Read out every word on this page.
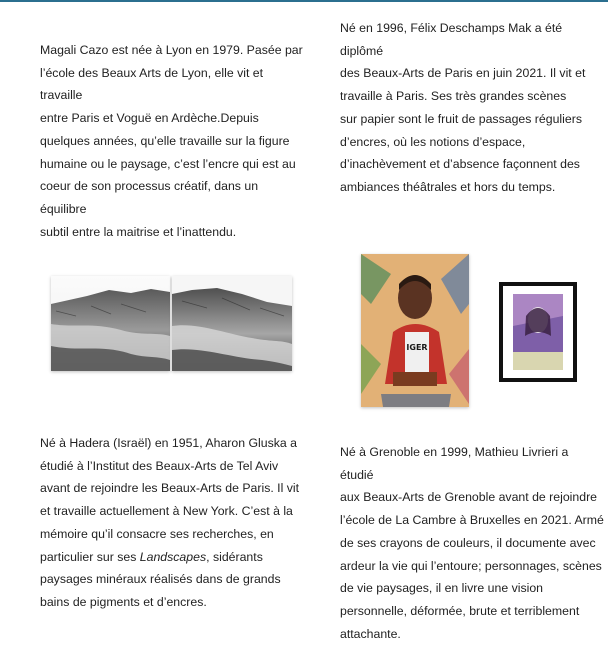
Magali Cazo est née à Lyon en 1979. Pasée par
l’école des Beaux Arts de Lyon, elle vit et travaille
entre Paris et Voguë en Ardèche.Depuis
quelques années, qu’elle travaille sur la figure
humaine ou le paysage, c’est l’encre qui est au
coeur de son processus créatif, dans un équilibre
subtil entre la maitrise et l’inattendu.

Né en 1996, Félix Deschamps Mak a été diplômé
des Beaux-Arts de Paris en juin 2021. Il vit et
travaille à Paris. Ses très grandes scènes
sur papier sont le fruit de passages réguliers
d’encres, où les notions d’espace,
d’inachèvement et d’absence façonnent des
ambiances théâtrales et hors du temps.

IGER

Né à Hadera (Israël) en 1951, Aharon Gluska a
étudié à l’Institut des Beaux-Arts de Tel Aviv
avant de rejoindre les Beaux-Arts de Paris. Il vit
et travaille actuellement à New York. C’est à la
mémoire qu’il consacre ses recherches, en
particulier sur ses Landscapes, sidérants
paysages minéraux réalisés dans de grands
bains de pigments et d’encres.

Né à Grenoble en 1999, Mathieu Livrieri a étudié
aux Beaux-Arts de Grenoble avant de rejoindre
l’école de La Cambre à Bruxelles en 2021. Armé
de ses crayons de couleurs, il documente avec
ardeur la vie qui l’entoure; personnages, scènes
de vie paysages, il en livre une vision
personnelle, déformée, brute et terriblement
attachante.
